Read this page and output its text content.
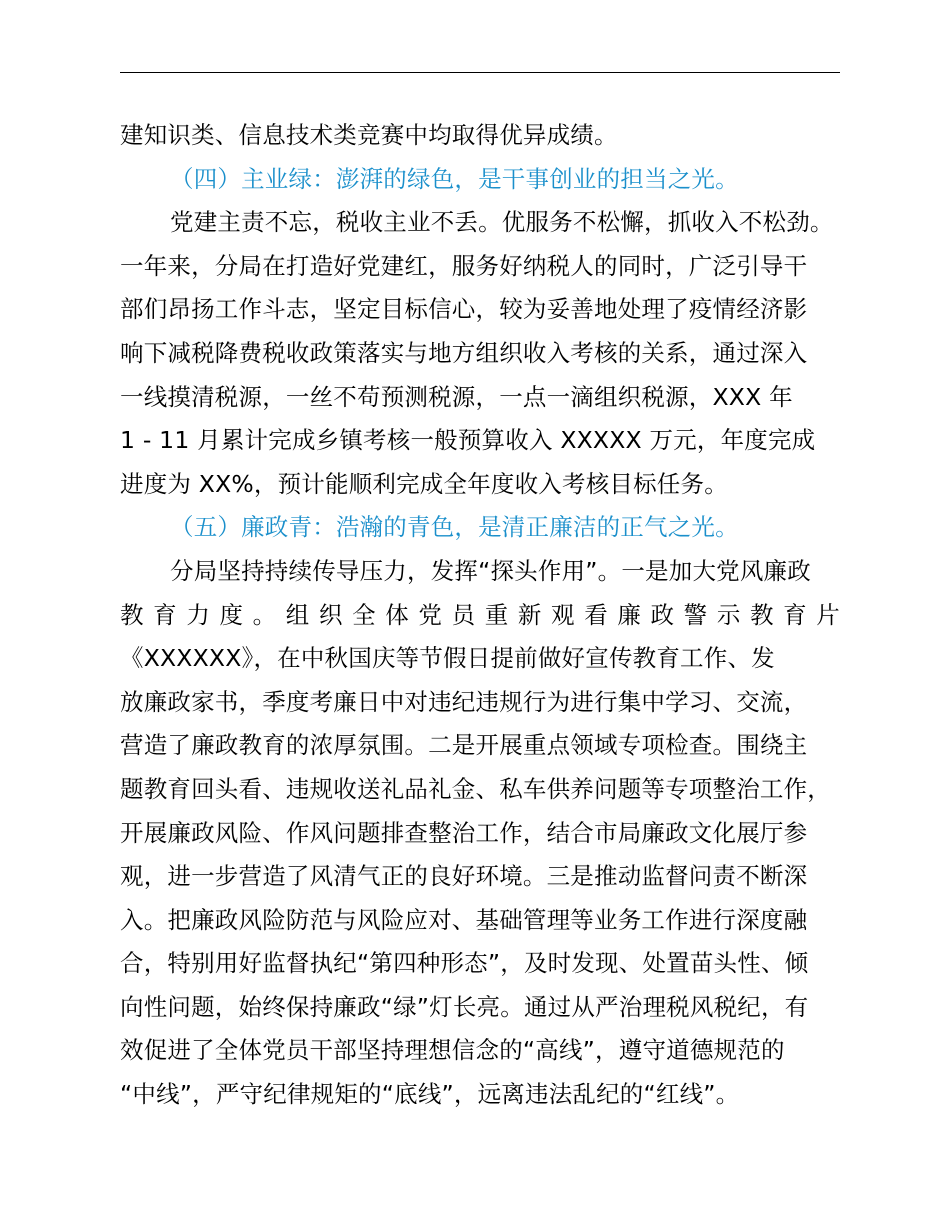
建知识类、信息技术类竞赛中均取得优异成绩。
（四）主业绿：澎湃的绿色，是干事创业的担当之光。
党建主责不忘，税收主业不丢。优服务不松懈，抓收入不松劲。
一年来，分局在打造好党建红，服务好纳税人的同时，广泛引导干
部们昂扬工作斗志，坚定目标信心，较为妥善地处理了疫情经济影
响下减税降费税收政策落实与地方组织收入考核的关系，通过深入
一线摸清税源，一丝不苟预测税源，一点一滴组织税源，XXX 年
1 - 11 月累计完成乡镇考核一般预算收入 XXXXX 万元，年度完成
进度为 XX%，预计能顺利完成全年度收入考核目标任务。
（五）廉政青：浩瀚的青色，是清正廉洁的正气之光。
分局坚持持续传导压力，发挥“探头作用”。一是加大党风廉政
教 育 力 度 。 组 织 全 体 党 员 重 新 观 看 廉 政 警 示 教 育 片
《XXXXXX》，在中秋国庆等节假日提前做好宣传教育工作、发
放廉政家书，季度考廉日中对违纪违规行为进行集中学习、交流，
营造了廉政教育的浓厚氛围。二是开展重点领域专项检查。围绕主
题教育回头看、违规收送礼品礼金、私车供养问题等专项整治工作，
开展廉政风险、作风问题排查整治工作，结合市局廉政文化展厅参
观，进一步营造了风清气正的良好环境。三是推动监督问责不断深
入。把廉政风险防范与风险应对、基础管理等业务工作进行深度融
合，特别用好监督执纪“第四种形态”，及时发现、处置苗头性、倾
向性问题，始终保持廉政“绿”灯长亮。通过从严治理税风税纪，有
效促进了全体党员干部坚持理想信念的“高线”，遵守道德规范的
“中线”，严守纪律规矩的“底线”，远离违法乱纪的“红线”。
